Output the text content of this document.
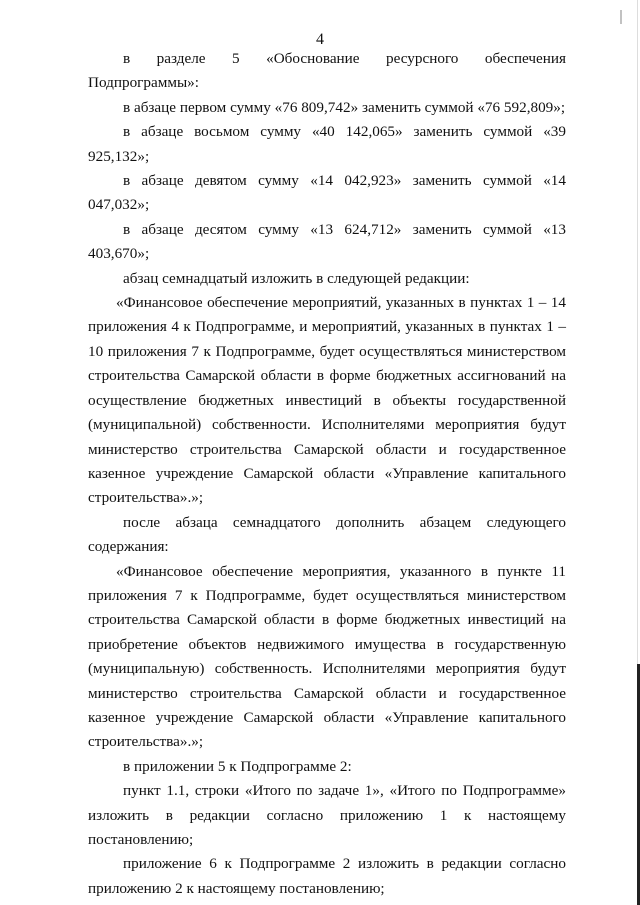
4

в разделе 5 «Обоснование ресурсного обеспечения Подпрограммы»:

в абзаце первом сумму «76 809,742» заменить суммой «76 592,809»;

в абзаце восьмом сумму «40 142,065» заменить суммой «39 925,132»;

в абзаце девятом сумму «14 042,923» заменить суммой «14 047,032»;

в абзаце десятом сумму «13 624,712» заменить суммой «13 403,670»;

абзац семнадцатый изложить в следующей редакции:

«Финансовое обеспечение мероприятий, указанных в пунктах 1 – 14 приложения 4 к Подпрограмме, и мероприятий, указанных в пунктах 1 – 10 приложения 7 к Подпрограмме, будет осуществляться министерством строительства Самарской области в форме бюджетных ассигнований на осуществление бюджетных инвестиций в объекты государственной (муниципальной) собственности. Исполнителями мероприятия будут министерство строительства Самарской области и государственное казенное учреждение Самарской области «Управление капитального строительства».»;

после абзаца семнадцатого дополнить абзацем следующего содержания:

«Финансовое обеспечение мероприятия, указанного в пункте 11 приложения 7 к Подпрограмме, будет осуществляться министерством строительства Самарской области в форме бюджетных инвестиций на приобретение объектов недвижимого имущества в государственную (муниципальную) собственность. Исполнителями мероприятия будут министерство строительства Самарской области и государственное казенное учреждение Самарской области «Управление капитального строительства».»;

в приложении 5 к Подпрограмме 2:

пункт 1.1, строки «Итого по задаче 1», «Итого по Подпрограмме» изложить в редакции согласно приложению 1 к настоящему постановлению;

приложение 6 к Подпрограмме 2 изложить в редакции согласно приложению 2 к настоящему постановлению;
